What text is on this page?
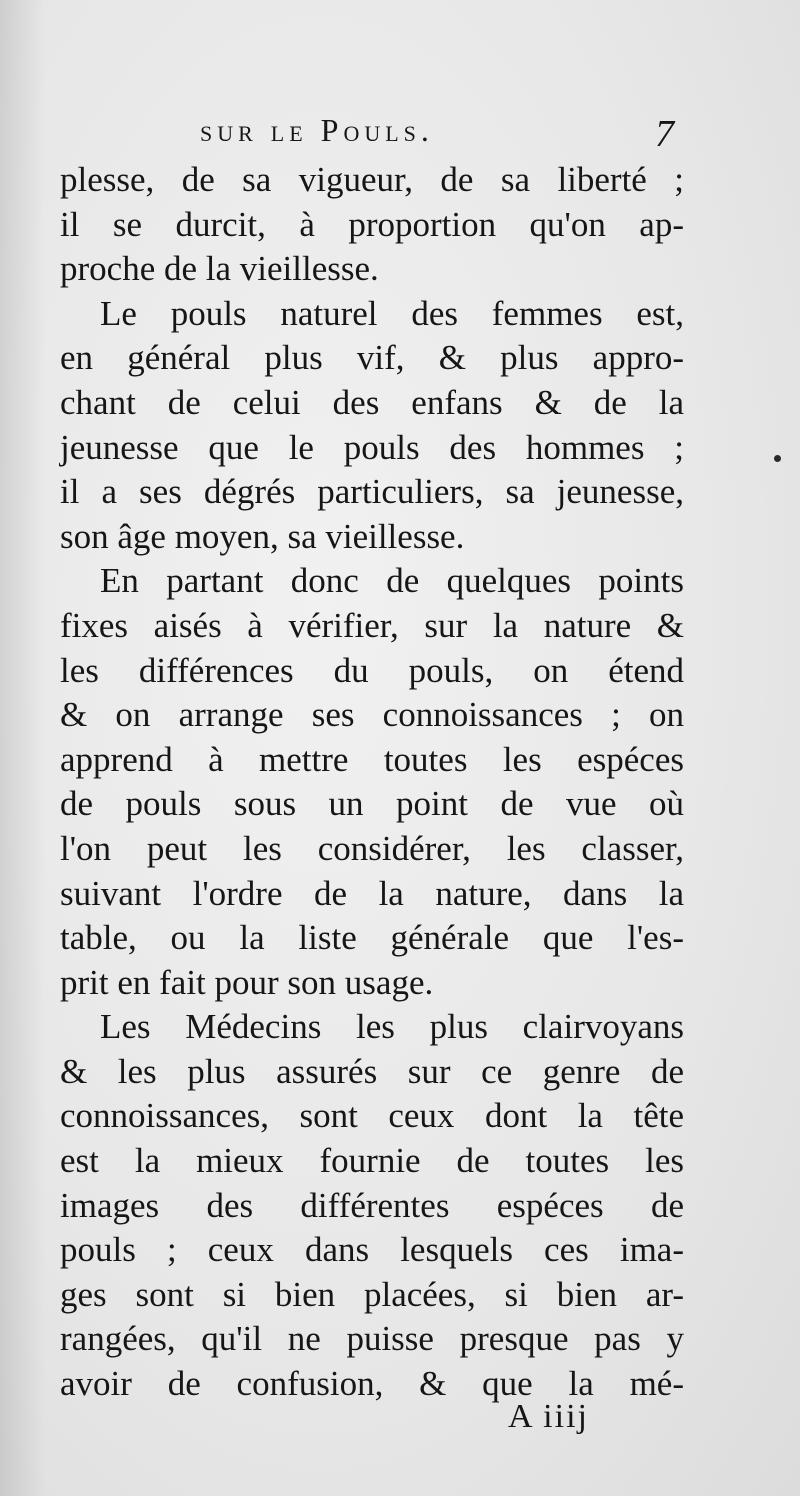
sur le Pouls.	7
plesse, de sa vigueur, de sa liberté ;
il se durcit, à proportion qu'on ap-
proche de la vieillesse.
Le pouls naturel des femmes est,
en général plus vif, & plus appro-
chant de celui des enfans & de la
jeunesse que le pouls des hommes ;
il a ses dégrés particuliers, sa jeunesse,
son âge moyen, sa vieillesse.
En partant donc de quelques points
fixes aisés à vérifier, sur la nature &
les différences du pouls, on étend
& on arrange ses connoissances ; on
apprend à mettre toutes les espéces
de pouls sous un point de vue où
l'on peut les considérer, les classer,
suivant l'ordre de la nature, dans la
table, ou la liste générale que l'es-
prit en fait pour son usage.
Les Médecins les plus clairvoyans
& les plus assurés sur ce genre de
connoissances, sont ceux dont la tête
est la mieux fournie de toutes les
images des différentes espéces de
pouls ; ceux dans lesquels ces ima-
ges sont si bien placées, si bien ar-
rangées, qu'il ne puisse presque pas y
avoir de confusion, & que la mé-
A iiij
